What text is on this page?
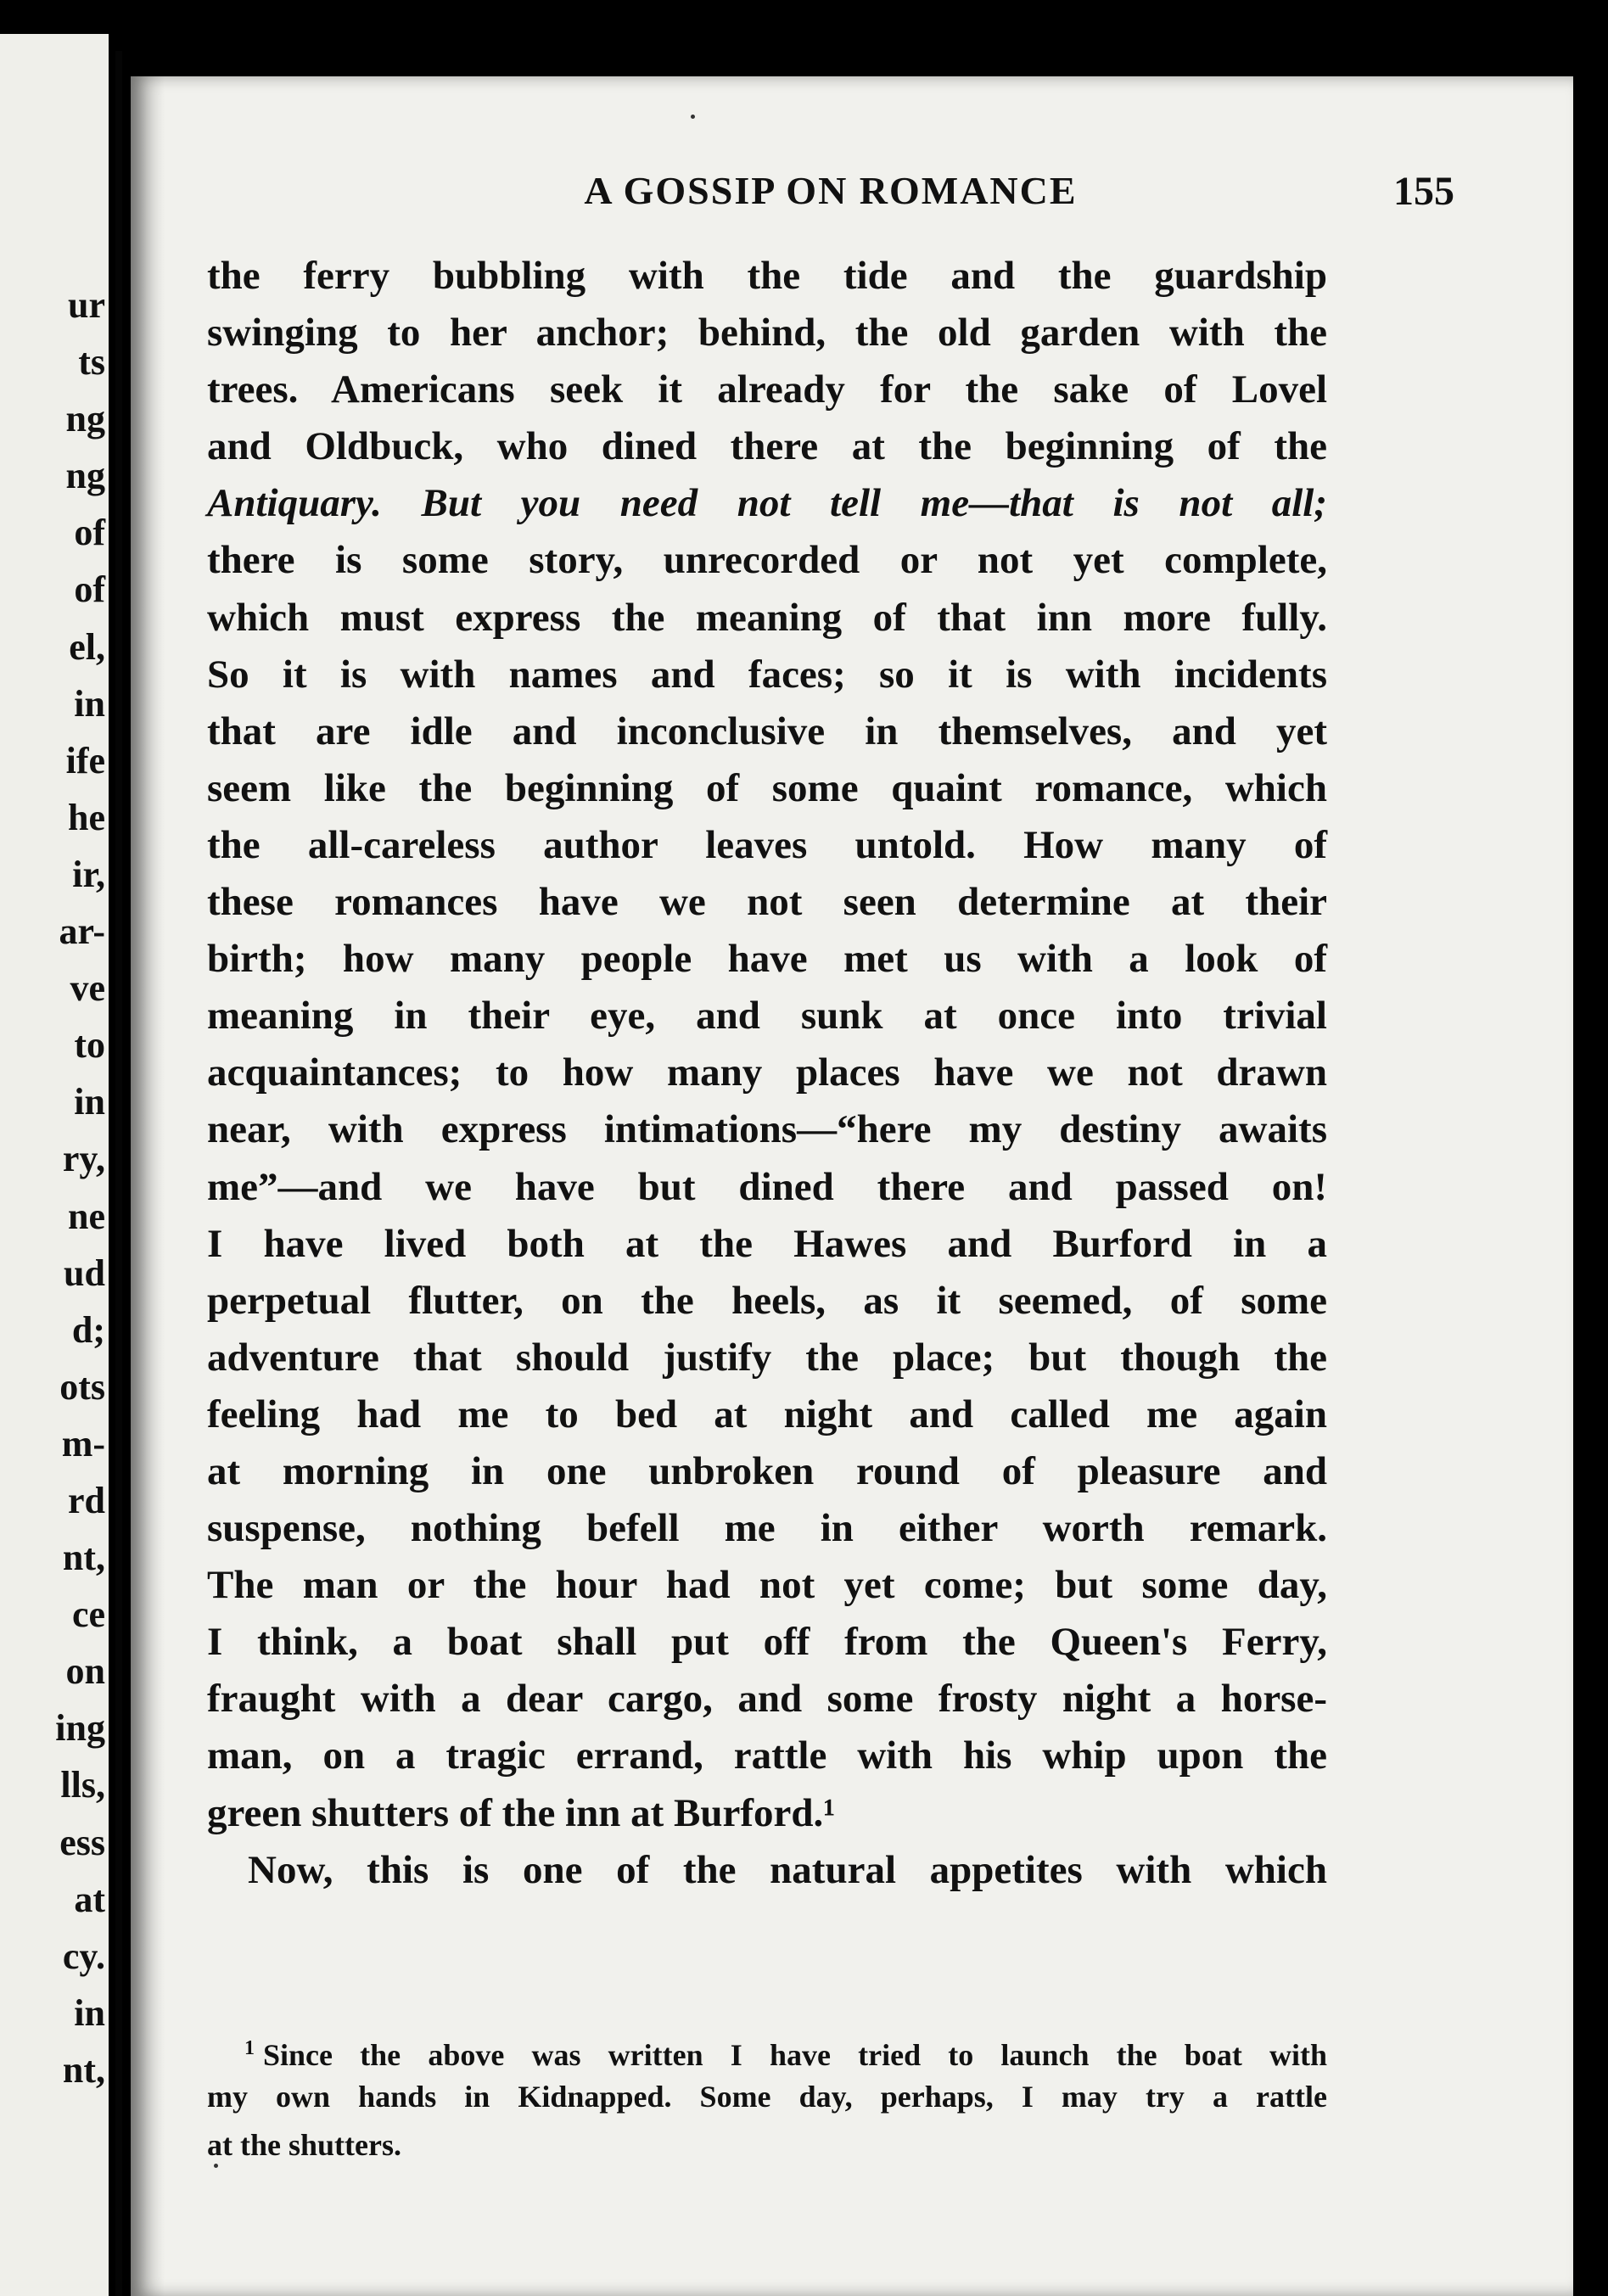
ur
ts
ng
ng
of
of
el,
in
ife
he
ir,
ar-
ve
to
in
ry,
ne
ud
d;
ots
m-
rd
nt,
ce
on
ing
lls,
ess
at
cy.
in
nt,
A GOSSIP ON ROMANCE	155
the ferry bubbling with the tide and the guardship
swinging to her anchor; behind, the old garden with the
trees. Americans seek it already for the sake of Lovel
and Oldbuck, who dined there at the beginning of the
Antiquary. But you need not tell me—that is not all;
there is some story, unrecorded or not yet complete,
which must express the meaning of that inn more fully.
So it is with names and faces; so it is with incidents
that are idle and inconclusive in themselves, and yet
seem like the beginning of some quaint romance, which
the all-careless author leaves untold. How many of
these romances have we not seen determine at their
birth; how many people have met us with a look of
meaning in their eye, and sunk at once into trivial
acquaintances; to how many places have we not drawn
near, with express intimations—“here my destiny awaits
me”—and we have but dined there and passed on!
I have lived both at the Hawes and Burford in a
perpetual flutter, on the heels, as it seemed, of some
adventure that should justify the place; but though the
feeling had me to bed at night and called me again
at morning in one unbroken round of pleasure and
suspense, nothing befell me in either worth remark.
The man or the hour had not yet come; but some day,
I think, a boat shall put off from the Queen's Ferry,
fraught with a dear cargo, and some frosty night a horse-
man, on a tragic errand, rattle with his whip upon the
green shutters of the inn at Burford.¹
Now, this is one of the natural appetites with which
$^1$ Since the above was written I have tried to launch the boat with
my own hands in Kidnapped. Some day, perhaps, I may try a rattle
at the shutters.
